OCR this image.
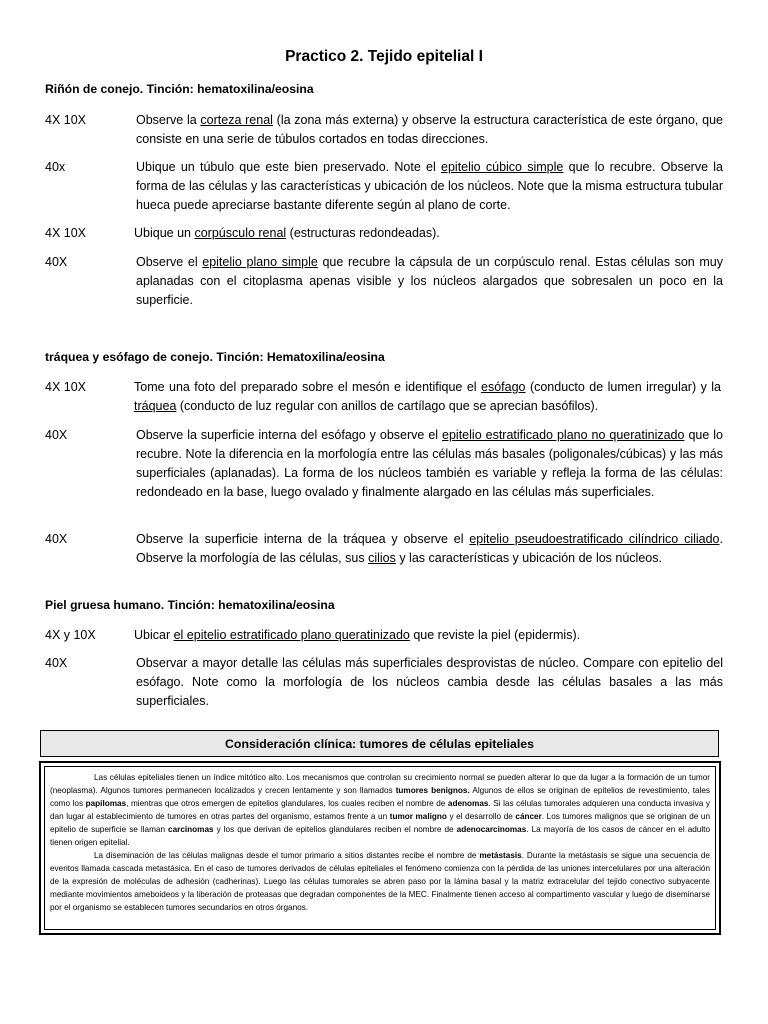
Practico 2. Tejido epitelial I
Riñón de conejo. Tinción: hematoxilina/eosina
4X 10X	Observe la corteza renal (la zona más externa) y observe la estructura característica de este órgano, que consiste en una serie de túbulos cortados en todas direcciones.
40x	Ubique un túbulo que este bien preservado. Note el epitelio cúbico simple que lo recubre. Observe la forma de las células y las características y ubicación de los núcleos. Note que la misma estructura tubular hueca puede apreciarse bastante diferente según al plano de corte.
4X 10X	Ubique un corpúsculo renal (estructuras redondeadas).
40X	Observe el epitelio plano simple que recubre la cápsula de un corpúsculo renal. Estas células son muy aplanadas con el citoplasma apenas visible y los núcleos alargados que sobresalen un poco en la superficie.
tráquea y esófago de conejo. Tinción: Hematoxilina/eosina
4X 10X	Tome una foto del preparado sobre el mesón e identifique el esófago (conducto de lumen irregular) y la tráquea (conducto de luz regular con anillos de cartílago que se aprecian basófilos).
40X	Observe la superficie interna del esófago y observe el epitelio estratificado plano no queratinizado que lo recubre. Note la diferencia en la morfología entre las células más basales (poligonales/cúbicas) y las más superficiales (aplanadas). La forma de los núcleos también es variable y refleja la forma de las células: redondeado en la base, luego ovalado y finalmente alargado en las células más superficiales.
40X	Observe la superficie interna de la tráquea y observe el epitelio pseudoestratificado cilíndrico ciliado. Observe la morfología de las células, sus cilios y las características y ubicación de los núcleos.
Piel gruesa humano. Tinción: hematoxilina/eosina
4X y 10X	Ubicar el epitelio estratificado plano queratinizado que reviste la piel (epidermis).
40X	Observar a mayor detalle las células más superficiales desprovistas de núcleo. Compare con epitelio del esófago. Note como la morfología de los núcleos cambia desde las células basales a las más superficiales.
Consideración clínica: tumores de células epiteliales

Las células epiteliales tienen un índice mitótico alto. Los mecanismos que controlan su crecimiento normal se pueden alterar lo que da lugar a la formación de un tumor (neoplasma). Algunos tumores permanecen localizados y crecen lentamente y son llamados tumores benignos. Algunos de ellos se originan de epitelios de revestimiento, tales como los papilomas, mientras que otros emergen de epitelios glandulares, los cuales reciben el nombre de adenomas. Si las células tumorales adquieren una conducta invasiva y dan lugar al establecimiento de tumores en otras partes del organismo, estamos frente a un tumor maligno y el desarrollo de cáncer. Los tumores malignos que se originan de un epitelio de superficie se llaman carcinomas y los que derivan de epitelios glandulares reciben el nombre de adenocarcinomas. La mayoría de los casos de cáncer en el adulto tienen origen epitelial.

La diseminación de las células malignas desde el tumor primario a sitios distantes recibe el nombre de metástasis. Durante la metástasis se sigue una secuencia de eventos llamada cascada metastásica. En el caso de tumores derivados de células epiteliales el fenómeno comienza con la pérdida de las uniones intercelulares por una alteración de la expresión de moléculas de adhesión (cadherinas). Luego las células tumorales se abren paso por la lámina basal y la matriz extracelular del tejido conectivo subyacente mediante movimientos ameboideos y la liberación de proteasas que degradan componentes de la MEC. Finalmente tienen acceso al compartimento vascular y luego de diseminarse por el organismo se establecen tumores secundarios en otros órganos.
